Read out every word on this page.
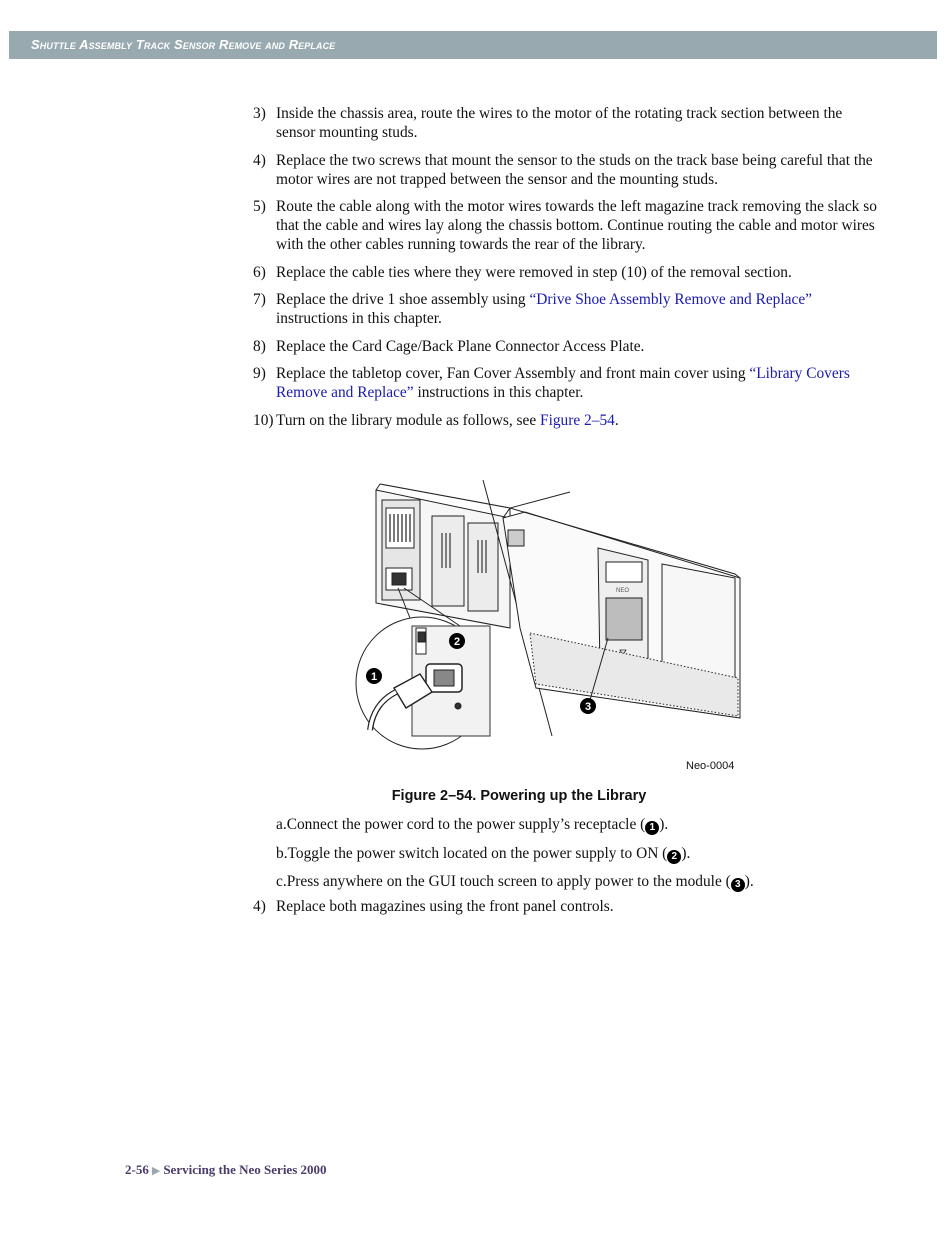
Shuttle Assembly Track Sensor Remove and Replace
3) Inside the chassis area, route the wires to the motor of the rotating track section between the sensor mounting studs.
4) Replace the two screws that mount the sensor to the studs on the track base being careful that the motor wires are not trapped between the sensor and the mounting studs.
5) Route the cable along with the motor wires towards the left magazine track removing the slack so that the cable and wires lay along the chassis bottom. Continue routing the cable and motor wires with the other cables running towards the rear of the library.
6) Replace the cable ties where they were removed in step (10) of the removal section.
7) Replace the drive 1 shoe assembly using “Drive Shoe Assembly Remove and Replace” instructions in this chapter.
8) Replace the Card Cage/Back Plane Connector Access Plate.
9) Replace the tabletop cover, Fan Cover Assembly and front main cover using “Library Covers Remove and Replace” instructions in this chapter.
10) Turn on the library module as follows, see Figure 2–54.
NEO
1
2
3
Neo-0004
Figure 2–54. Powering up the Library
a.Connect the power cord to the power supply’s receptacle ( 1 ).
b.Toggle the power switch located on the power supply to ON ( 2 ).
c.Press anywhere on the GUI touch screen to apply power to the module ( 3 ).
4) Replace both magazines using the front panel controls.
2-56 ▶ Servicing the Neo Series 2000
